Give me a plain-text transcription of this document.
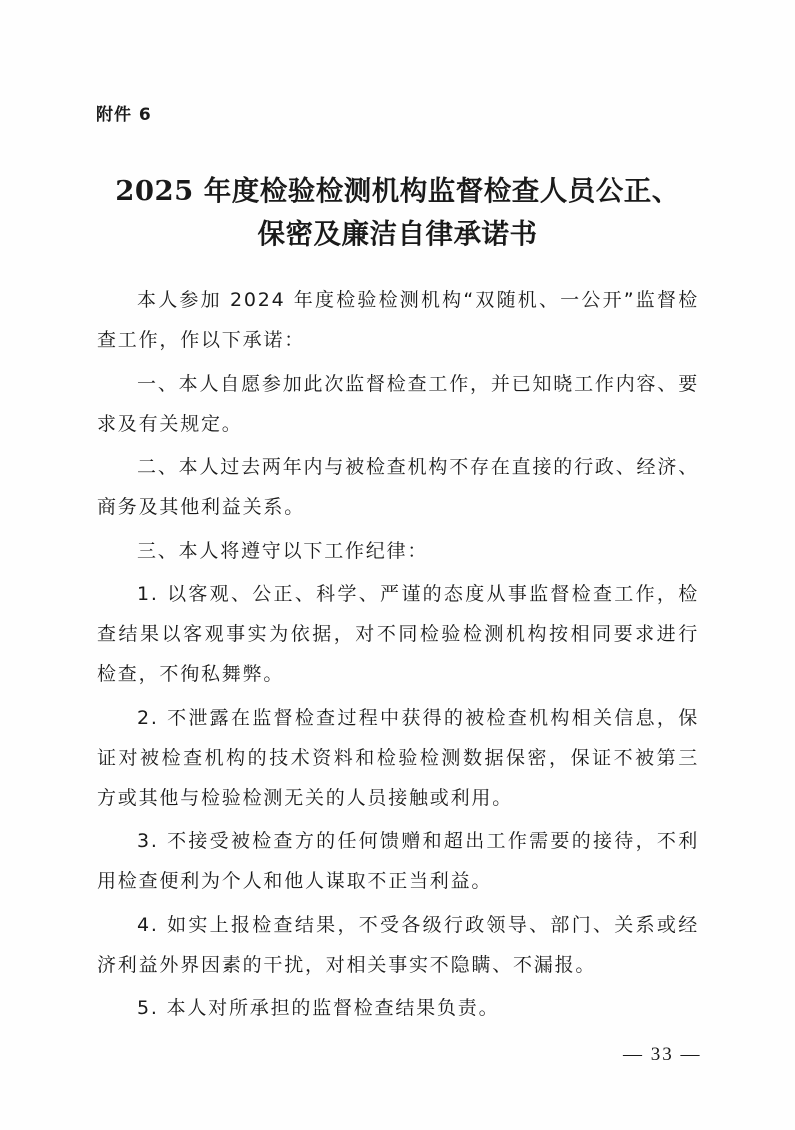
附件 6
2025 年度检验检测机构监督检查人员公正、
保密及廉洁自律承诺书

本人参加 2024 年度检验检测机构“双随机、一公开”监督检查工作，作以下承诺：

一、本人自愿参加此次监督检查工作，并已知晓工作内容、要求及有关规定。

二、本人过去两年内与被检查机构不存在直接的行政、经济、商务及其他利益关系。

三、本人将遵守以下工作纪律：

1. 以客观、公正、科学、严谨的态度从事监督检查工作，检查结果以客观事实为依据，对不同检验检测机构按相同要求进行检查，不徇私舞弊。

2. 不泄露在监督检查过程中获得的被检查机构相关信息，保证对被检查机构的技术资料和检验检测数据保密，保证不被第三方或其他与检验检测无关的人员接触或利用。

3. 不接受被检查方的任何馈赠和超出工作需要的接待，不利用检查便利为个人和他人谋取不正当利益。

4. 如实上报检查结果，不受各级行政领导、部门、关系或经济利益外界因素的干扰，对相关事实不隐瞒、不漏报。

5. 本人对所承担的监督检查结果负责。

— 33 —
